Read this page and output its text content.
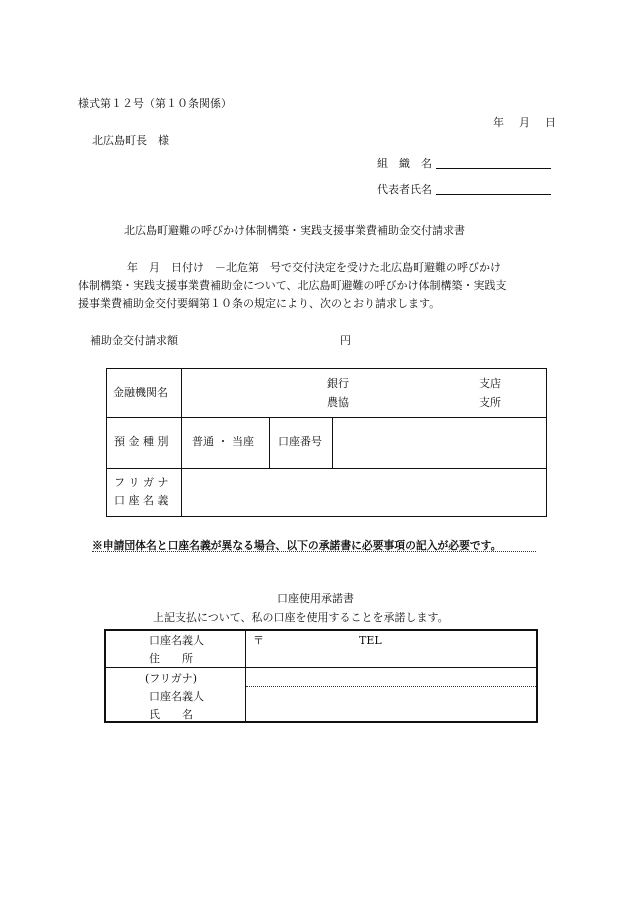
様式第１２号（第１０条関係）
年　月　日
北広島町長　様
組　織　名
代表者氏名
北広島町避難の呼びかけ体制構築・実践支援事業費補助金交付請求書
年　月　日付け　－北危第　号で交付決定を受けた北広島町避難の呼びかけ
体制構築・実践支援事業費補助金について、北広島町避難の呼びかけ体制構築・実践支
援事業費補助金交付要綱第１０条の規定により、次のとおり請求します。
補助金交付請求額	円
金融機関名
銀行
農協
支店
支所
預 金 種 別 普通 ・ 当座 口座番号
フ リ ガ ナ
口 座 名 義
※申請団体名と口座名義が異なる場合、以下の承諾書に必要事項の記入が必要です。
口座使用承諾書
上記支払について、私の口座を使用することを承諾します。
口座名義人
住　　所
〒	TEL
(フリガナ)
口座名義人
氏　　名
